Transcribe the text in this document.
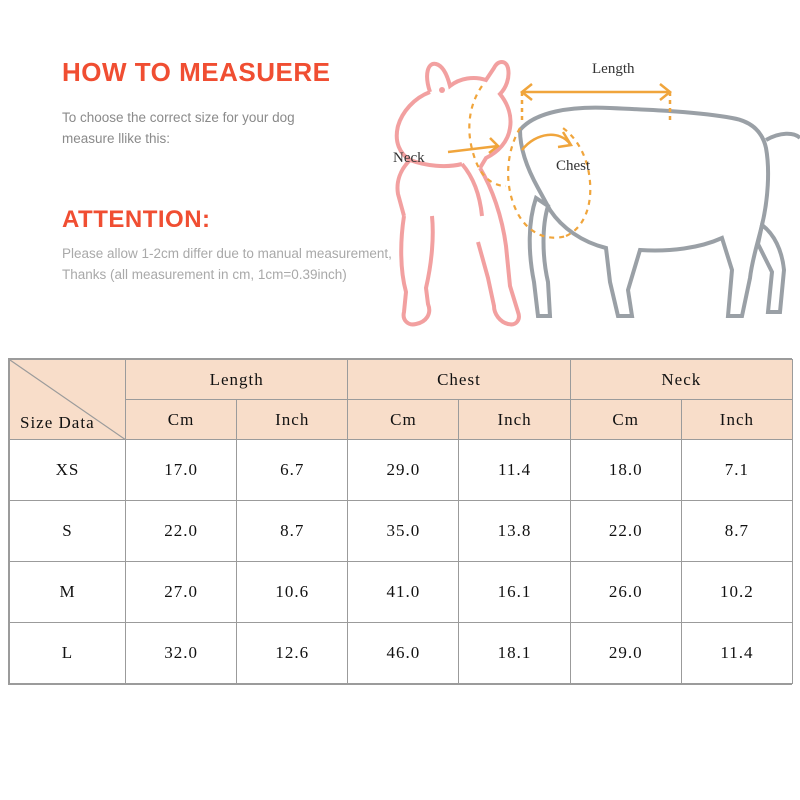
HOW TO MEASUERE
To choose the correct size for your dog measure llike this:
ATTENTION:
Please allow 1-2cm differ due to manual measurement, Thanks (all measurement in cm, 1cm=0.39inch)
Length
Neck	Chest
Size Data	Length		Chest		Neck	
	Cm	Inch	Cm	Inch	Cm	Inch
XS	17.0	6.7	29.0	11.4	18.0	7.1
S	22.0	8.7	35.0	13.8	22.0	8.7
M	27.0	10.6	41.0	16.1	26.0	10.2
L	32.0	12.6	46.0	18.1	29.0	11.4
